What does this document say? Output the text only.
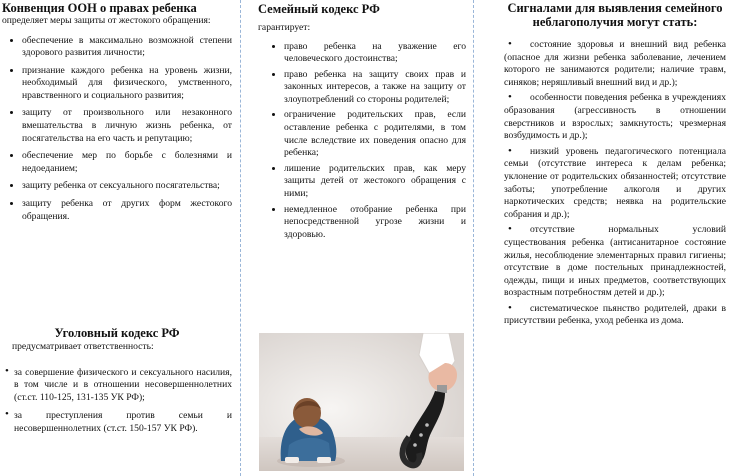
Конвенция ООН о правах ребенка

определяет меры защиты от жестокого обращения:

• обеспечение в максимально возможной степени здорового развития личности;
• признание каждого ребенка на уровень жизни, необходимый для физического, умственного, нравственного и социального развития;
• защиту от произвольного или незаконного вмешательства в личную жизнь ребенка, от посягательства на его часть и репутацию;
• обеспечение мер по борьбе с болезнями и недоеданием;
• защиту ребенка от сексуального посягательства;
• защиту ребенка от других форм жестокого обращения.
Уголовный кодекс РФ

предусматривает ответственность:

• за совершение физического и сексуального насилия, в том числе и в отношении несовершеннолетних (ст.ст. 110-125, 131-135 УК РФ);
• за преступления против семьи и несовершеннолетних (ст.ст. 150-157 УК РФ).
Семейный кодекс РФ

гарантирует:

• право ребенка на уважение его человеческого достоинства;
• право ребенка на защиту своих прав и законных интересов, а также на защиту от злоупотреблений со стороны родителей;
• ограничение родительских прав, если оставление ребенка с родителями, в том числе вследствие их поведения опасно для ребенка;
• лишение родительских прав, как меру защиты детей от жестокого обращения с ними;
• немедленное отобрание ребенка при непосредственной угрозе жизни и здоровью.
Сигналами для выявления семейного неблагополучия могут стать:
• состояние здоровья и внешний вид ребенка (опасное для жизни ребенка заболевание, лечением которого не занимаются родители; наличие травм, синяков; неряшливый внешний вид и др.);
• особенности поведения ребенка в учреждениях образования (агрессивность в отношении сверстников и взрослых; замкнутость; чрезмерная возбудимость и др.);
• низкий уровень педагогического потенциала семьи (отсутствие интереса к делам ребенка; уклонение от родительских обязанностей; отсутствие заботы; употребление алкоголя и других наркотических средств; неявка на родительские собрания и др.);
• отсутствие нормальных условий существования ребенка (антисанитарное состояние жилья, несоблюдение элементарных правил гигиены; отсутствие в доме постельных принадлежностей, одежды, пищи и иных предметов, соответствующих возрастным потребностям детей и др.);
• систематическое пьянство родителей, драки в присутствии ребенка, уход ребенка из дома.
